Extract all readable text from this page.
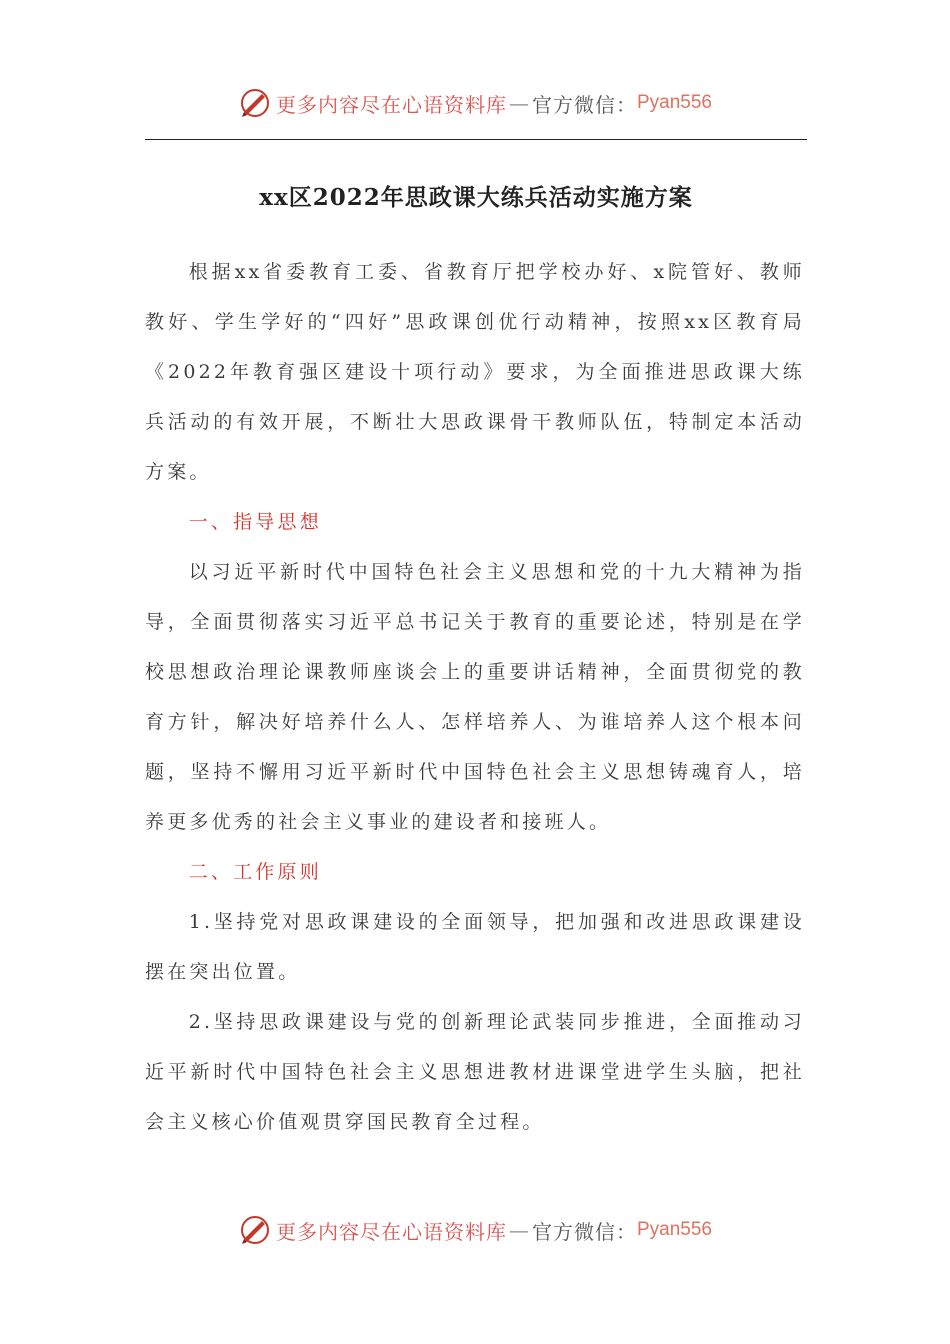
更多内容尽在心语资料库 — 官方微信： Pyan556
xx区2022年思政课大练兵活动实施方案

根据xx省委教育工委、省教育厅把学校办好、x院管好、教师教好、学生学好的“四好”思政课创优行动精神，按照xx区教育局《2022年教育强区建设十项行动》要求，为全面推进思政课大练兵活动的有效开展，不断壮大思政课骨干教师队伍，特制定本活动方案。

一、指导思想

以习近平新时代中国特色社会主义思想和党的十九大精神为指导，全面贯彻落实习近平总书记关于教育的重要论述，特别是在学校思想政治理论课教师座谈会上的重要讲话精神，全面贯彻党的教育方针，解决好培养什么人、怎样培养人、为谁培养人这个根本问题，坚持不懈用习近平新时代中国特色社会主义思想铸魂育人，培养更多优秀的社会主义事业的建设者和接班人。

二、工作原则

1.坚持党对思政课建设的全面领导，把加强和改进思政课建设摆在突出位置。

2.坚持思政课建设与党的创新理论武装同步推进，全面推动习近平新时代中国特色社会主义思想进教材进课堂进学生头脑，把社会主义核心价值观贯穿国民教育全过程。

更多内容尽在心语资料库 — 官方微信： Pyan556
